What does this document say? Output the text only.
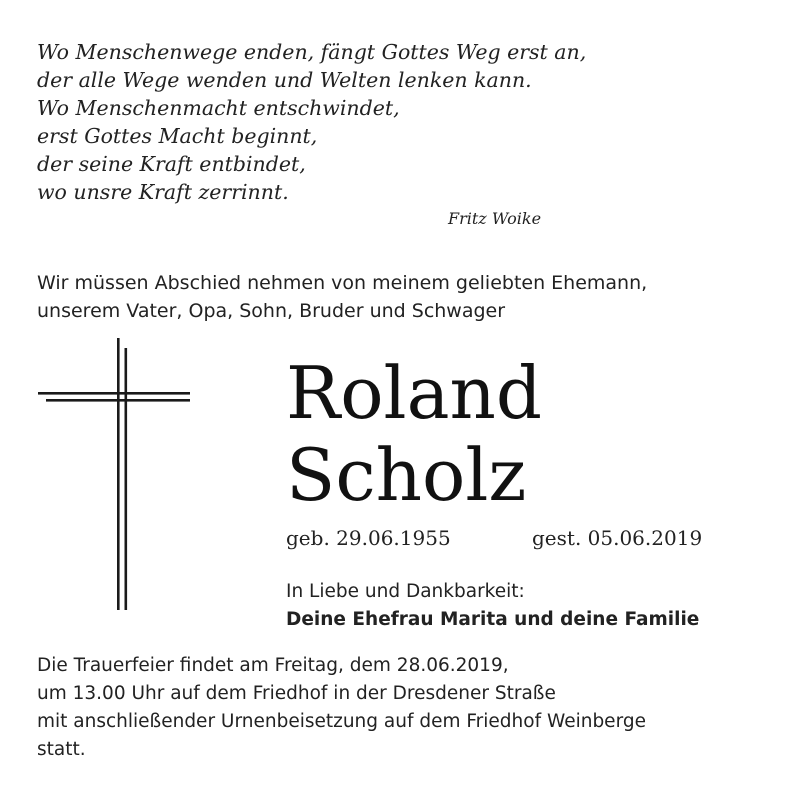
Wo Menschenwege enden, fängt Gottes Weg erst an,
der alle Wege wenden und Welten lenken kann.
Wo Menschenmacht entschwindet,
erst Gottes Macht beginnt,
der seine Kraft entbindet,
wo unsre Kraft zerrinnt.
Fritz Woike
Wir müssen Abschied nehmen von meinem geliebten Ehemann,
unserem Vater, Opa, Sohn, Bruder und Schwager
Roland
Scholz
geb. 29.06.1955	gest. 05.06.2019
In Liebe und Dankbarkeit:
Deine Ehefrau Marita und deine Familie
Die Trauerfeier findet am Freitag, dem 28.06.2019,
um 13.00 Uhr auf dem Friedhof in der Dresdener Straße
mit anschließender Urnenbeisetzung auf dem Friedhof Weinberge
statt.
